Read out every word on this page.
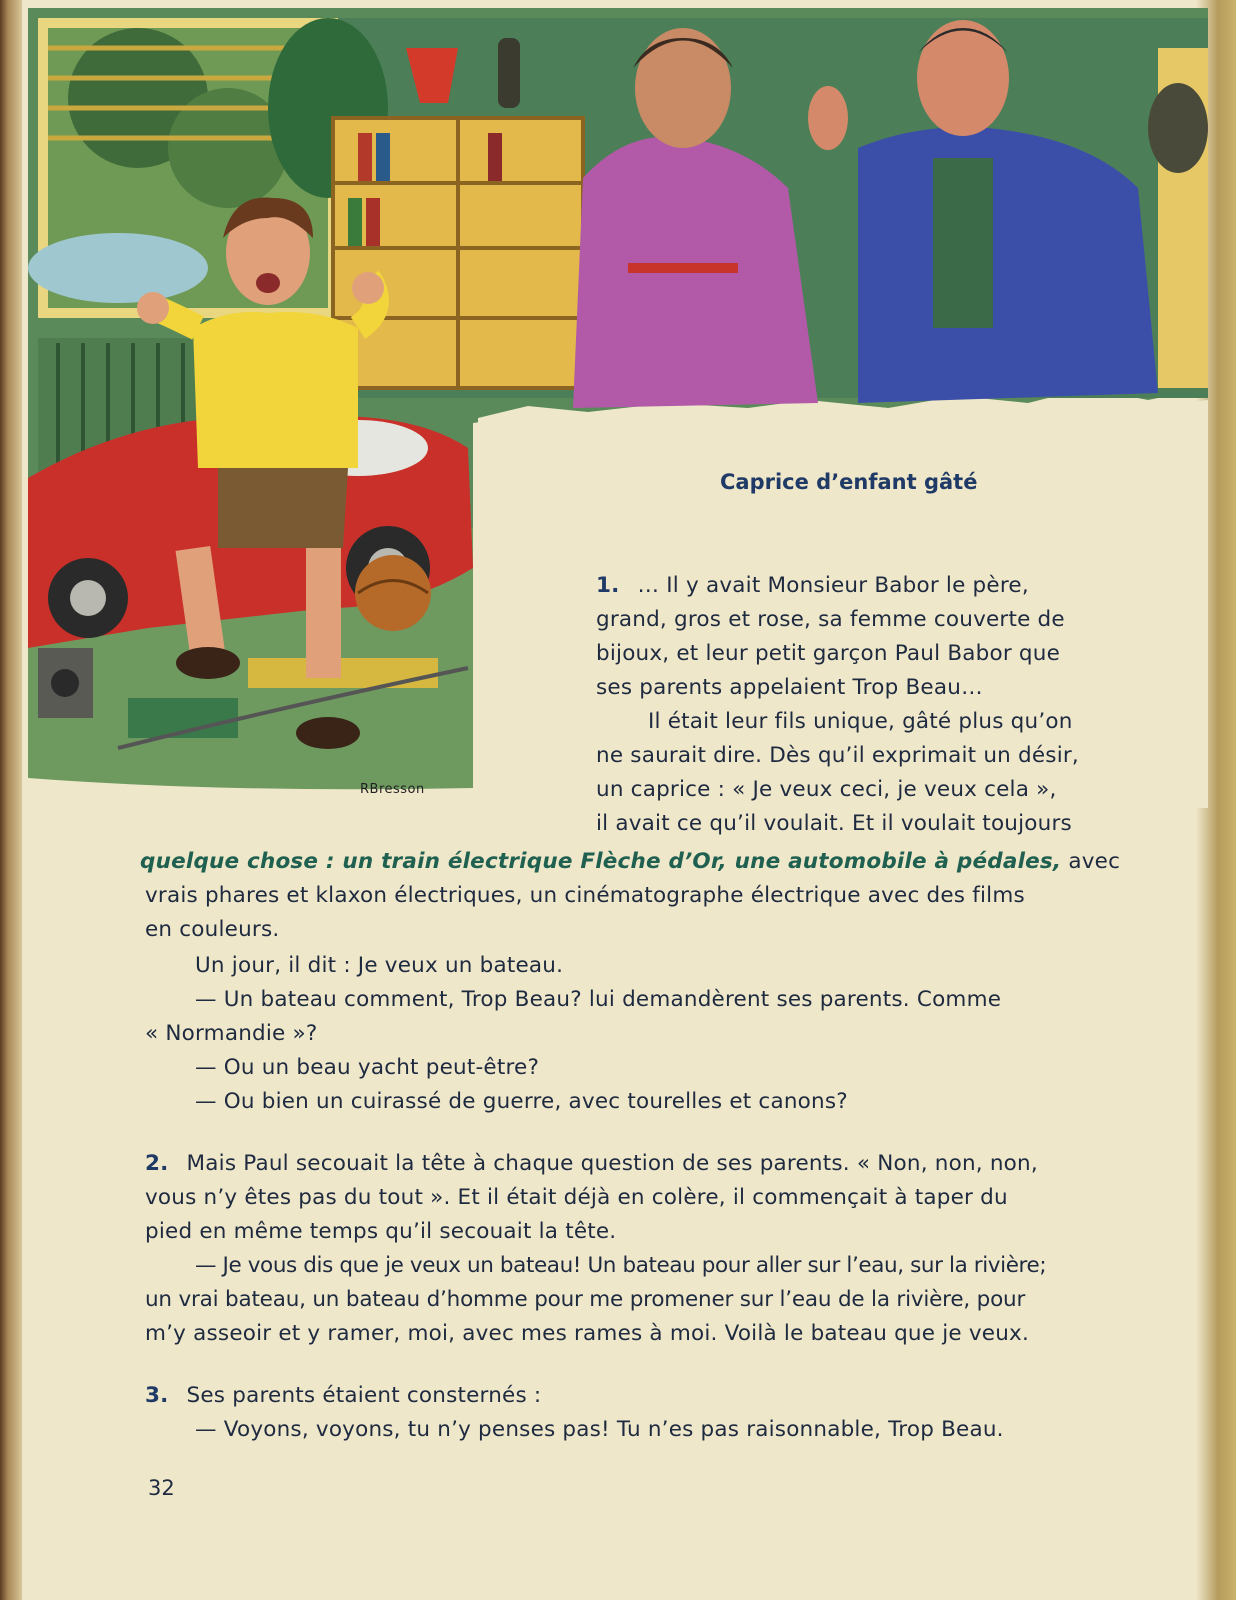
RBresson
Caprice d’enfant gâté
1. … Il y avait Monsieur Babor le père,
grand, gros et rose, sa femme couverte de
bijoux, et leur petit garçon Paul Babor que
ses parents appelaient Trop Beau…
Il était leur fils unique, gâté plus qu’on
ne saurait dire. Dès qu’il exprimait un désir,
un caprice : « Je veux ceci, je veux cela »,
il avait ce qu’il voulait. Et il voulait toujours
quelque chose : un train électrique Flèche d’Or, une automobile à pédales, avec
vrais phares et klaxon électriques, un cinématographe électrique avec des films
en couleurs.
Un jour, il dit : Je veux un bateau.
— Un bateau comment, Trop Beau? lui demandèrent ses parents. Comme
« Normandie »?
— Ou un beau yacht peut-être?
— Ou bien un cuirassé de guerre, avec tourelles et canons?
2. Mais Paul secouait la tête à chaque question de ses parents. « Non, non, non,
vous n’y êtes pas du tout ». Et il était déjà en colère, il commençait à taper du
pied en même temps qu’il secouait la tête.
— Je vous dis que je veux un bateau! Un bateau pour aller sur l’eau, sur la rivière;
un vrai bateau, un bateau d’homme pour me promener sur l’eau de la rivière, pour
m’y asseoir et y ramer, moi, avec mes rames à moi. Voilà le bateau que je veux.
3. Ses parents étaient consternés :
— Voyons, voyons, tu n’y penses pas! Tu n’es pas raisonnable, Trop Beau.
32
